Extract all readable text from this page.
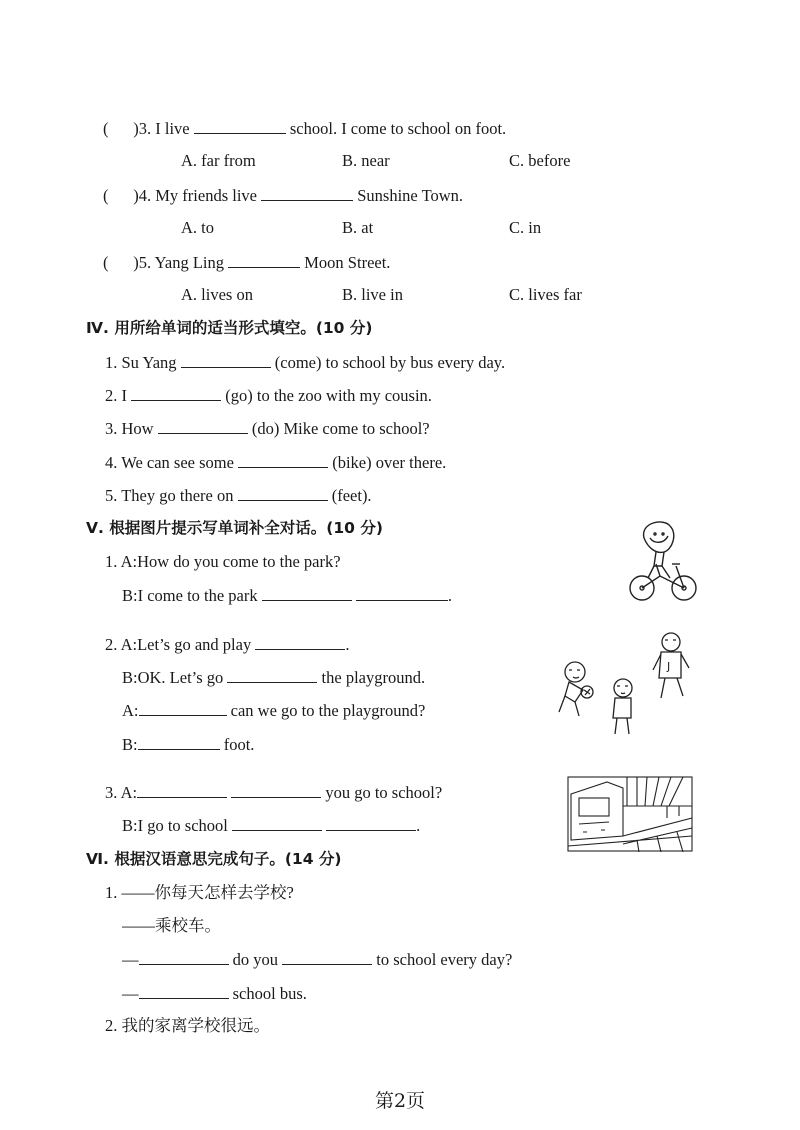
( )3. I live	school. I come to school on foot.
A. far from	B. near	C. before
( )4. My friends live	Sunshine Town.
A. to	B. at	C. in
( )5. Yang Ling	Moon Street.
A. lives on	B. live in	C. lives far
Ⅳ. 用所给单词的适当形式填空。(10 分)
1. Su Yang	(come) to school by bus every day.
2. I	(go) to the zoo with my cousin.
3. How	(do) Mike come to school?
4. We can see some	(bike) over there.
5. They go there on	(feet).
Ⅴ. 根据图片提示写单词补全对话。(10 分)
1. A:How do you come to the park?
B:I come to the park	.
2. A:Let’s go and play	.
B:OK. Let’s go	the playground.
A:	can we go to the playground?
B:	foot.
3. A:	you go to school?
B:I go to school	.
Ⅵ. 根据汉语意思完成句子。(14 分)
1. ——你每天怎样去学校?
——乘校车。
—	do you	to school every day?
—	school bus.
2. 我的家离学校很远。
J
第2页
